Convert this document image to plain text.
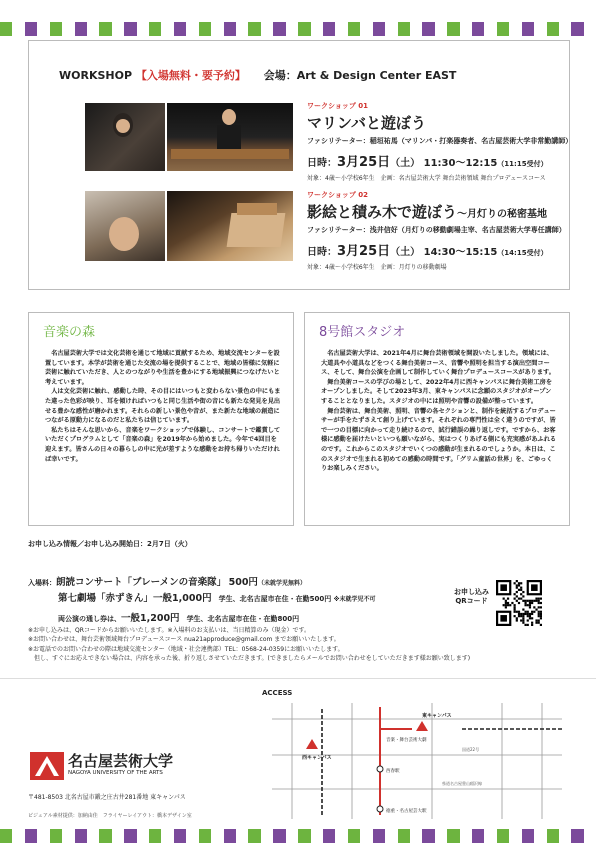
WORKSHOP 【入場無料・要予約】 会場：Art & Design Center EAST
ワークショップ 01
マリンバと遊ぼう
ファシリテーター：稲垣祐馬（マリンバ・打楽器奏者、名古屋芸術大学非常勤講師）
日時：3月25日（土） 11:30〜12:15（11:15受付）
対象：4歳〜小学校6年生　企画：名古屋芸術大学 舞台芸術領域 舞台プロデュースコース
ワークショップ 02
影絵と積み木で遊ぼう〜月灯りの秘密基地
ファシリテーター：浅井信好（月灯りの移動劇場主宰、名古屋芸術大学専任講師）
日時：3月25日（土） 14:30〜15:15（14:15受付）
対象：4歳〜小学校6年生　企画：月灯りの移動劇場
音楽の森

名古屋芸術大学では文化芸術を通じて地域に貢献するため、地域交流センターを設置しています。本学が芸術を通じた交流の場を提供することで、地域の皆様に気軽に芸術に触れていただき、人とのつながりや生活を豊かにする地域振興につなげたいと考えています。

人は文化芸術に触れ、感動した時、その目にはいつもと変わらない景色の中にもまた違った色彩が映り、耳を傾ければいつもと同じ生活や街の音にも新たな発見を見出せる豊かな感性が磨かれます。それらの新しい景色や音が、また新たな地域の創造につながる原動力になるのだと私たちは信じています。

私たちはそんな思いから、音楽をワークショップで体験し、コンサートで鑑賞していただくプログラムとして「音楽の森」を2019年から始めました。今年で4回目を迎えます。皆さんの日々の暮らしの中に光が差すような感動をお持ち帰りいただければ幸いです。

8号館スタジオ

名古屋芸術大学は、2021年4月に舞台芸術領域を開設いたしました。領域には、大道具や小道具などをつくる舞台美術コース、音響や照明を担当する演出空間コース、そして、舞台公演を企画して制作していく舞台プロデュースコースがあります。

舞台美術コースの学びの場として、2022年4月に西キャンパスに舞台美術工房をオープンしました。そして2023年3月、東キャンパスに念願のスタジオがオープンすることとなりました。スタジオの中には照明や音響の設備が整っています。

舞台芸術は、舞台美術、照明、音響の各セクションと、制作を統括するプロデューサーが手をたずさえて創り上げています。それぞれの専門性は全く違うのですが、皆で一つの目標に向かって走り続けるので、試行錯誤の繰り返しです。ですから、お客様に感動を届けたいといつも願いながら、実はつくりあげる側にも充実感があふれるのです。これからこのスタジオでいくつの感動が生まれるのでしょうか。本日は、このスタジオで生まれる初めての感動の時間です。「グリム童話の世界」を、ごゆっくりお楽しみください。

お申し込み情報／お申し込み開始日：2月7日（火）
入場料：朗読コンサート「ブレーメンの音楽隊」 500円（未就学児無料）
第七劇場「赤ずきん」一般1,000円　 学生、北名古屋市在住・在勤500円 ※未就学児不可
両公演の通し券は、一般1,200円　 学生、北名古屋市在住・在勤800円
お申し込み
QRコード
※お申し込みは、QRコードからお願いいたします。※入場料のお支払いは、当日精算のみ（現金）です。
※お問い合わせは、舞台芸術領域舞台プロデュースコース nua21approduce@gmail.com までお願いいたします。
※お電話でのお問い合わせの際は地域交流センター（地域・社会連携部）TEL：0568-24-0359にお願いいたします。
　但し、すぐにお応えできない場合は、内容を承った後、折り返しさせていただきます。(できましたらメールでお問い合わせをしていただきます様お願い致します)
名古屋芸術大学
NAGOYA UNIVERSITY OF THE ARTS
〒481-8503 北名古屋市鍛之庄古井281番地 東キャンパス
ビジュアル素材提供：加納由佳　フライヤーレイアウト：橋本デザイン室
ACCESS
東キャンパス
西キャンパス
音楽・舞台芸術大劇
西春駅
徳重・名古屋芸大駅
県道名古屋豊山稲沢線
国道22号
